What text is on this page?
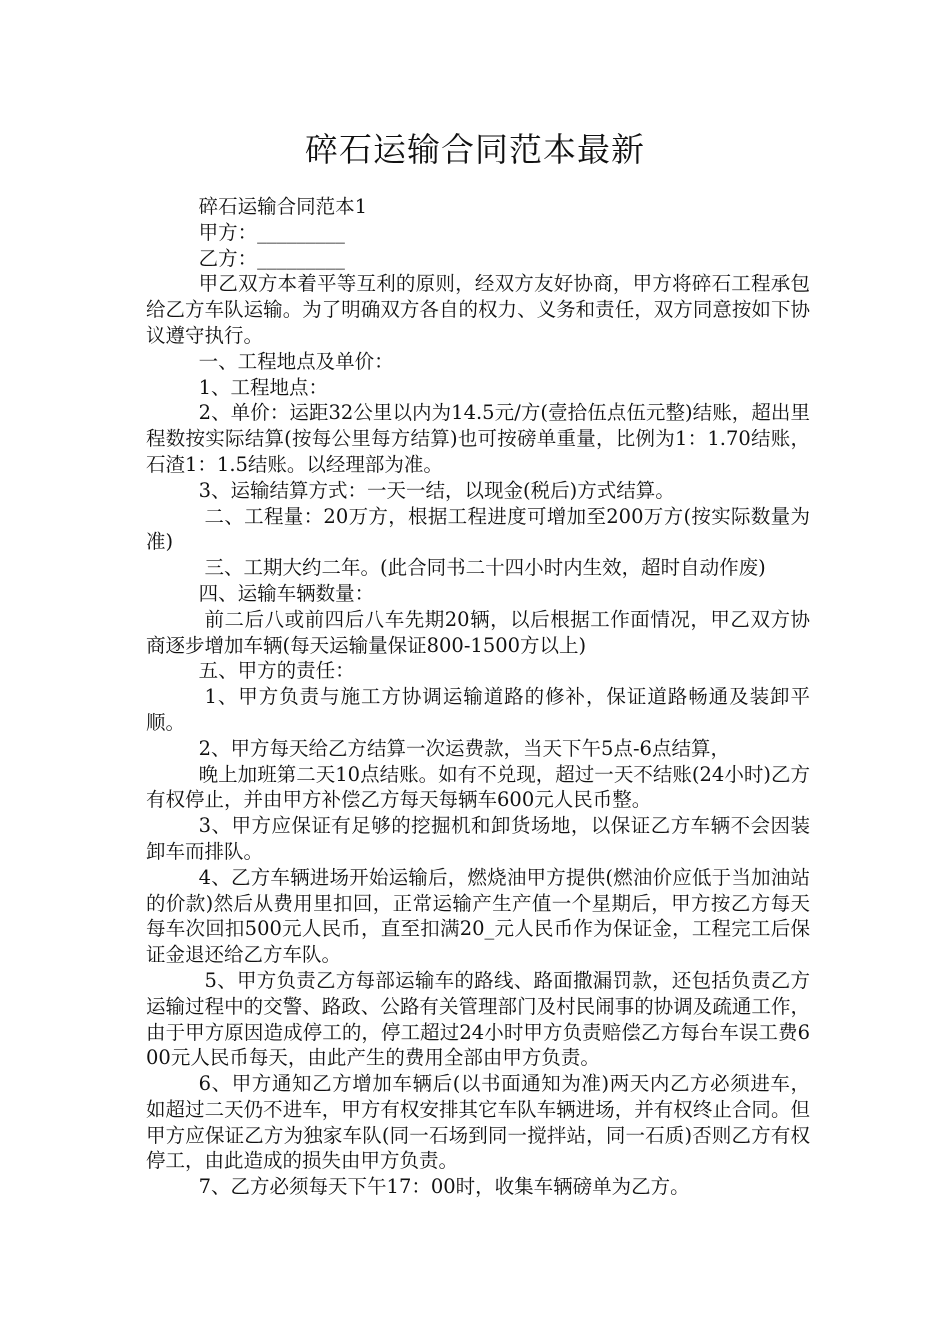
碎石运输合同范本最新

碎石运输合同范本1

甲方：_________

乙方：_________

甲乙双方本着平等互利的原则，经双方友好协商，甲方将碎石工程承包给乙方车队运输。为了明确双方各自的权力、义务和责任，双方同意按如下协议遵守执行。

一、工程地点及单价：

1、工程地点：

2、单价：运距32公里以内为14.5元/方(壹拾伍点伍元整)结账，超出里程数按实际结算(按每公里每方结算)也可按磅单重量，比例为1：1.70结账，石渣1：1.5结账。以经理部为准。

3、运输结算方式：一天一结，以现金(税后)方式结算。

二、工程量：20万方，根据工程进度可增加至200万方(按实际数量为准)

三、工期大约二年。(此合同书二十四小时内生效，超时自动作废)

四、运输车辆数量：

前二后八或前四后八车先期20辆，以后根据工作面情况，甲乙双方协商逐步增加车辆(每天运输量保证800-1500方以上)

五、甲方的责任：

1、甲方负责与施工方协调运输道路的修补，保证道路畅通及装卸平顺。

2、甲方每天给乙方结算一次运费款，当天下午5点-6点结算，

晚上加班第二天10点结账。如有不兑现，超过一天不结账(24小时)乙方有权停止，并由甲方补偿乙方每天每辆车600元人民币整。

3、甲方应保证有足够的挖掘机和卸货场地，以保证乙方车辆不会因装卸车而排队。

4、乙方车辆进场开始运输后，燃烧油甲方提供(燃油价应低于当加油站的价款)然后从费用里扣回，正常运输产生产值一个星期后，甲方按乙方每天每车次回扣500元人民币，直至扣满20_元人民币作为保证金，工程完工后保证金退还给乙方车队。

5、甲方负责乙方每部运输车的路线、路面撒漏罚款，还包括负责乙方运输过程中的交警、路政、公路有关管理部门及村民闹事的协调及疏通工作，由于甲方原因造成停工的，停工超过24小时甲方负责赔偿乙方每台车误工费600元人民币每天，由此产生的费用全部由甲方负责。

6、甲方通知乙方增加车辆后(以书面通知为准)两天内乙方必须进车，如超过二天仍不进车，甲方有权安排其它车队车辆进场，并有权终止合同。但甲方应保证乙方为独家车队(同一石场到同一搅拌站，同一石质)否则乙方有权停工，由此造成的损失由甲方负责。

7、乙方必须每天下午17：00时，收集车辆磅单为乙方。
